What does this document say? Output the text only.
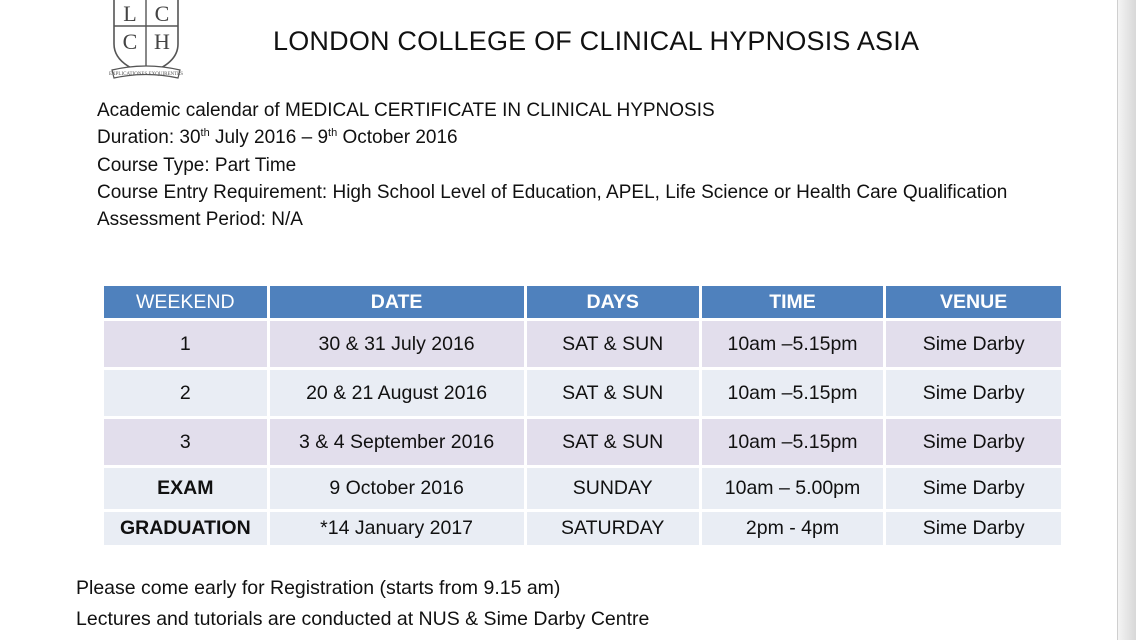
L C
C H
EXPLICATIONES EXQUIRENTES
LONDON COLLEGE OF CLINICAL HYPNOSIS ASIA
Academic calendar of MEDICAL CERTIFICATE IN CLINICAL HYPNOSIS
Duration: 30th July 2016 – 9th October 2016
Course Type: Part Time
Course Entry Requirement: High School Level of Education, APEL, Life Science or Health Care Qualification
Assessment Period: N/A
WEEKEND	DATE	DAYS	TIME	VENUE
1	30 & 31 July 2016	SAT & SUN	10am –5.15pm	Sime Darby
2	20 & 21 August 2016	SAT & SUN	10am –5.15pm	Sime Darby
3	3 & 4 September 2016	SAT & SUN	10am –5.15pm	Sime Darby
EXAM	9 October 2016	SUNDAY	10am – 5.00pm	Sime Darby
GRADUATION	*14 January 2017	SATURDAY	2pm - 4pm	Sime Darby
Please come early for Registration (starts from 9.15 am)
Lectures and tutorials are conducted at NUS & Sime Darby Centre
